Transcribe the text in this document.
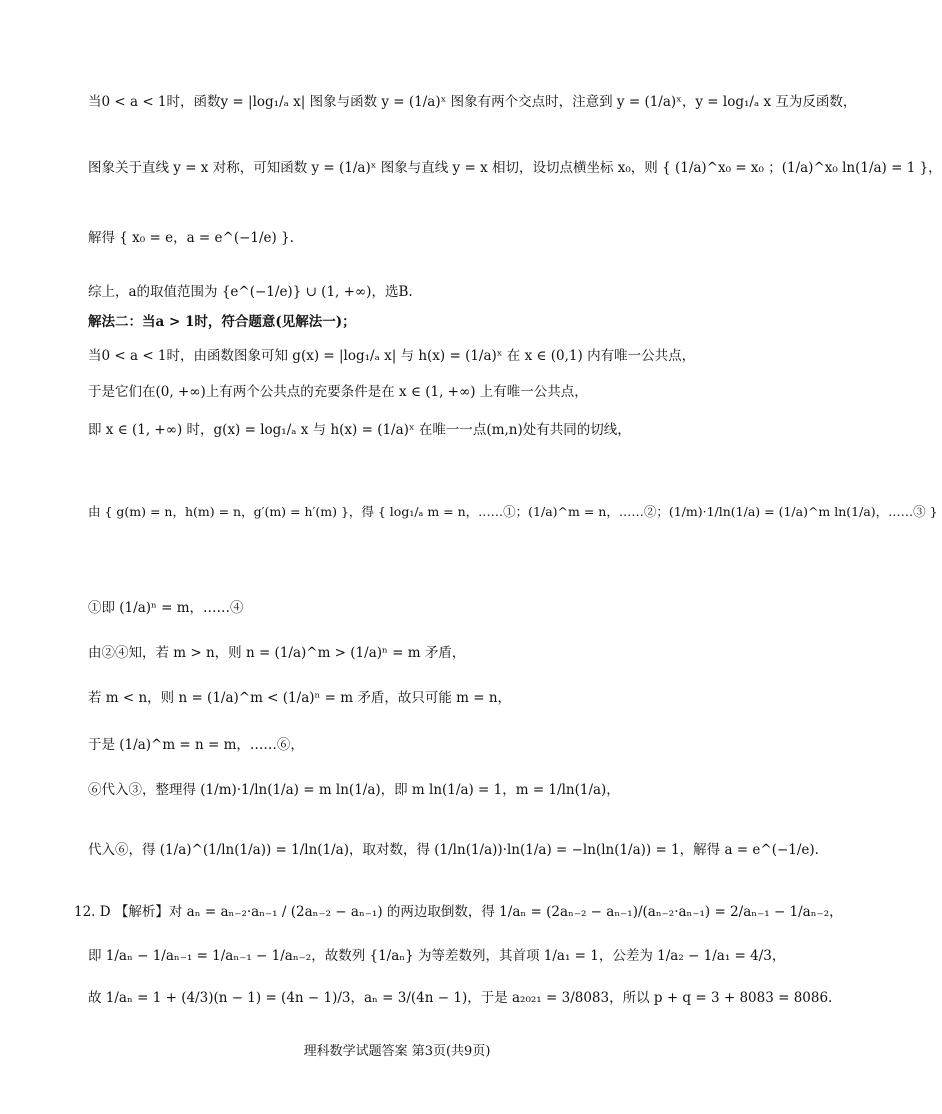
当0 < a < 1时，函数y = |log₁/ₐ x| 图象与函数 y = (1/a)ˣ 图象有两个交点时，注意到 y = (1/a)ˣ，y = log₁/ₐ x 互为反函数，
图象关于直线 y = x 对称，可知函数 y = (1/a)ˣ 图象与直线 y = x 相切，设切点横坐标 x₀，则 { (1/a)^x₀ = x₀ ；(1/a)^x₀ ln(1/a) = 1 }，
解得 { x₀ = e，a = e^(−1/e) }.
综上，a的取值范围为 {e^(−1/e)} ∪ (1, +∞)，选B.
解法二：当a > 1时，符合题意(见解法一)；
当0 < a < 1时，由函数图象可知 g(x) = |log₁/ₐ x| 与 h(x) = (1/a)ˣ 在 x ∈ (0,1) 内有唯一公共点，
于是它们在(0, +∞)上有两个公共点的充要条件是在 x ∈ (1, +∞) 上有唯一公共点，
即 x ∈ (1, +∞) 时，g(x) = log₁/ₐ x 与 h(x) = (1/a)ˣ 在唯一一点(m,n)处有共同的切线，
由 { g(m) = n，h(m) = n，g′(m) = h′(m) }，得 { log₁/ₐ m = n，……①；(1/a)^m = n，……②；(1/m)·1/ln(1/a) = (1/a)^m ln(1/a)，……③ }
①即 (1/a)ⁿ = m，……④
由②④知，若 m > n，则 n = (1/a)^m > (1/a)ⁿ = m 矛盾，
若 m < n，则 n = (1/a)^m < (1/a)ⁿ = m 矛盾，故只可能 m = n，
于是 (1/a)^m = n = m，……⑥，
⑥代入③，整理得 (1/m)·1/ln(1/a) = m ln(1/a)，即 m ln(1/a) = 1，m = 1/ln(1/a)，
代入⑥，得 (1/a)^(1/ln(1/a)) = 1/ln(1/a)，取对数，得 (1/ln(1/a))·ln(1/a) = −ln(ln(1/a)) = 1，解得 a = e^(−1/e).
12. D 【解析】对 aₙ = aₙ₋₂·aₙ₋₁ / (2aₙ₋₂ − aₙ₋₁) 的两边取倒数，得 1/aₙ = (2aₙ₋₂ − aₙ₋₁)/(aₙ₋₂·aₙ₋₁) = 2/aₙ₋₁ − 1/aₙ₋₂，
即 1/aₙ − 1/aₙ₋₁ = 1/aₙ₋₁ − 1/aₙ₋₂，故数列 {1/aₙ} 为等差数列，其首项 1/a₁ = 1，公差为 1/a₂ − 1/a₁ = 4/3，
故 1/aₙ = 1 + (4/3)(n − 1) = (4n − 1)/3，aₙ = 3/(4n − 1)，于是 a₂₀₂₁ = 3/8083，所以 p + q = 3 + 8083 = 8086.
理科数学试题答案 第3页(共9页)
